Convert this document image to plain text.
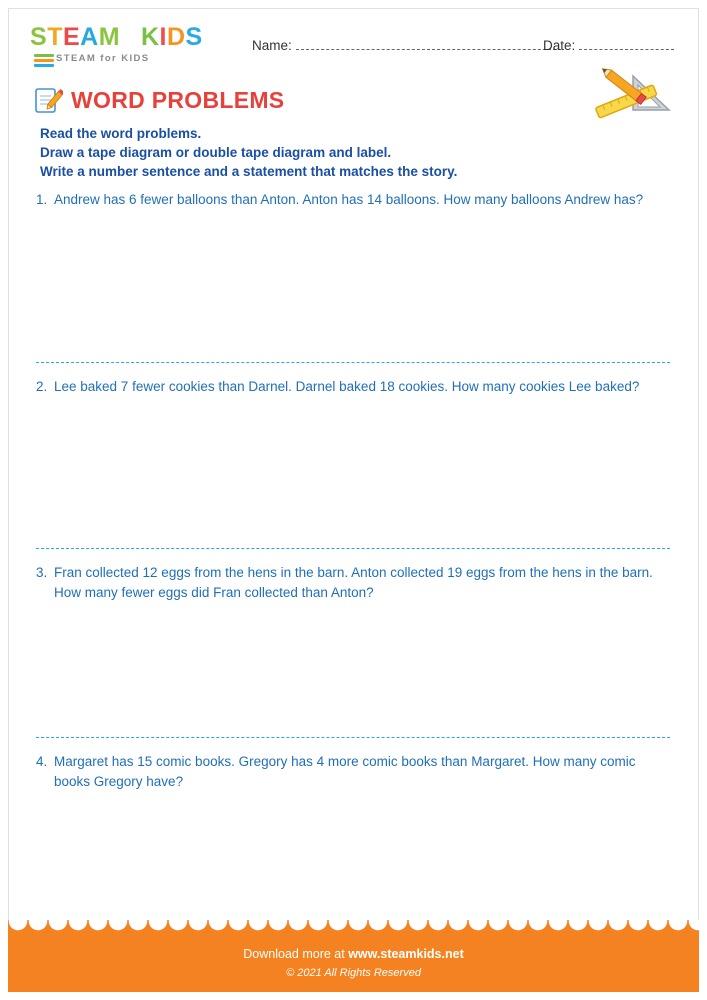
STEAM KIDS
STEAM for KIDS
Name:	Date:
WORD PROBLEMS
Read the word problems.
Draw a tape diagram or double tape diagram and label.
Write a number sentence and a statement that matches the story.
1. Andrew has 6 fewer balloons than Anton. Anton has 14 balloons. How many balloons Andrew has?
2. Lee baked 7 fewer cookies than Darnel. Darnel baked 18 cookies. How many cookies Lee baked?
3. Fran collected 12 eggs from the hens in the barn. Anton collected 19 eggs from the hens in the barn. How many fewer eggs did Fran collected than Anton?
4. Margaret has 15 comic books. Gregory has 4 more comic books than Margaret. How many comic books Gregory have?
Download more at www.steamkids.net
© 2021 All Rights Reserved
